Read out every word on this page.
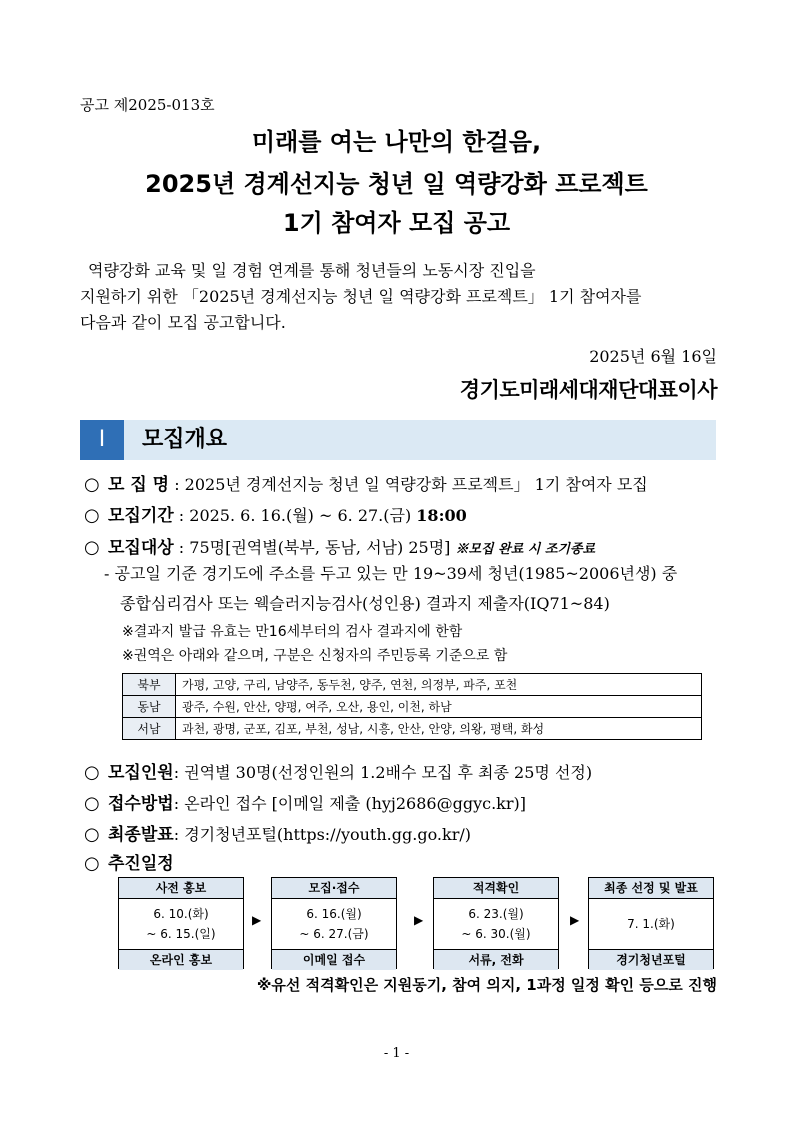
공고 제2025-013호
미래를 여는 나만의 한걸음,
2025년 경계선지능 청년 일 역량강화 프로젝트
1기 참여자 모집 공고

역량강화 교육 및 일 경험 연계를 통해 청년들의 노동시장 진입을

지원하기 위한 「2025년 경계선지능 청년 일 역량강화 프로젝트」 1기 참여자를

다음과 같이 모집 공고합니다.

2025년 6월 16일
경기도미래세대재단대표이사
Ⅰ	모집개요
○ 모 집 명 : 2025년 경계선지능 청년 일 역량강화 프로젝트」 1기 참여자 모집
○ 모집기간 : 2025. 6. 16.(월) ~ 6. 27.(금) 18:00
○ 모집대상 : 75명[권역별(북부, 동남, 서남) 25명] ※모집 완료 시 조기종료
- 공고일 기준 경기도에 주소를 두고 있는 만 19~39세 청년(1985~2006년생) 중
종합심리검사 또는 웩슬러지능검사(성인용) 결과지 제출자(IQ71~84)
※결과지 발급 유효는 만16세부터의 검사 결과지에 한함
※권역은 아래와 같으며, 구분은 신청자의 주민등록 기준으로 함
북부	가평, 고양, 구리, 남양주, 동두천, 양주, 연천, 의정부, 파주, 포천
동남	광주, 수원, 안산, 양평, 여주, 오산, 용인, 이천, 하남
서남	과천, 광명, 군포, 김포, 부천, 성남, 시흥, 안산, 안양, 의왕, 평택, 화성
○ 모집인원: 권역별 30명(선정인원의 1.2배수 모집 후 최종 25명 선정)
○ 접수방법: 온라인 접수 [이메일 제출 (hyj2686@ggyc.kr)]
○ 최종발표: 경기청년포털(https://youth.gg.go.kr/)
○ 추진일정
사전 홍보
6. 10.(화)
~ 6. 15.(일)
온라인 홍보
▶
모집·접수
6. 16.(월)
~ 6. 27.(금)
이메일 접수
▶
적격확인
6. 23.(월)
~ 6. 30.(월)
서류, 전화
▶
최종 선정 및 발표
7. 1.(화)
경기청년포털
※유선 적격확인은 지원동기, 참여 의지, 1과정 일정 확인 등으로 진행
- 1 -
